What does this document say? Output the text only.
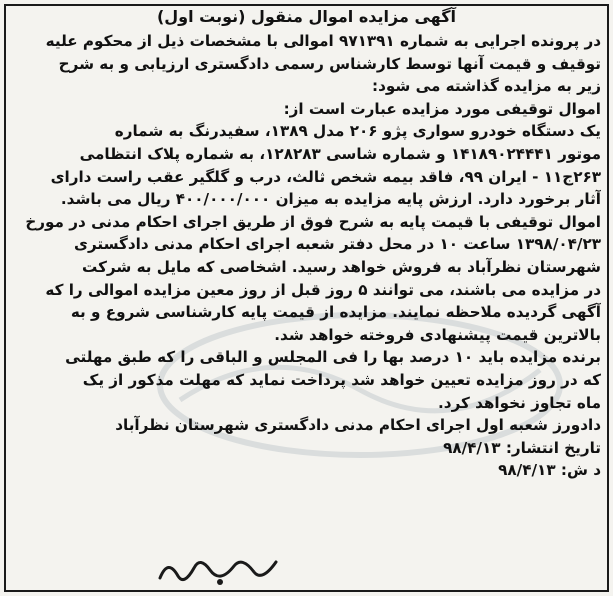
آگهی مزایده اموال منقول (نوبت اول)
در پرونده اجرایی به شماره ۹۷۱۳۹۱ اموالی با مشخصات ذیل از محکوم علیه
توقیف و قیمت آنها توسط کارشناس رسمی دادگستری ارزیابی و به شرح
زیر به مزایده گذاشته می شود:
اموال توقیفی مورد مزایده عبارت است از:
یک دستگاه خودرو سواری پژو ۲۰۶ مدل ۱۳۸۹، سفیدرنگ به شماره
موتور ۱۴۱۸۹۰۲۴۴۴۱ و شماره شاسی ۱۲۸۲۸۳، به شماره پلاک انتظامی
۲۶۳ج۱۱ - ایران ۹۹، فاقد بیمه شخص ثالث، درب و گلگیر عقب راست دارای
آثار برخورد دارد. ارزش پایه مزایده به میزان ۴۰۰/۰۰۰/۰۰۰ ریال می باشد.
اموال توقیفی با قیمت پایه به شرح فوق از طریق اجرای احکام مدنی در مورخ
۱۳۹۸/۰۴/۲۳ ساعت ۱۰ در محل دفتر شعبه اجرای احکام مدنی دادگستری
شهرستان نظرآباد به فروش خواهد رسید. اشخاصی که مایل به شرکت
در مزایده می باشند، می توانند ۵ روز قبل از روز معین مزایده اموالی را که
آگهی گردیده ملاحظه نمایند. مزایده از قیمت پایه کارشناسی شروع و به
بالاترین قیمت پیشنهادی فروخته خواهد شد.
برنده مزایده باید ۱۰ درصد بها را فی المجلس و الباقی را که طبق مهلتی
که در روز مزایده تعیین خواهد شد پرداخت نماید که مهلت مذکور از یک
ماه تجاوز نخواهد کرد.
دادورز شعبه اول اجرای احکام مدنی دادگستری شهرستان نظرآباد
تاریخ انتشار: ۹۸/۴/۱۳
د ش: ۹۸/۴/۱۳
